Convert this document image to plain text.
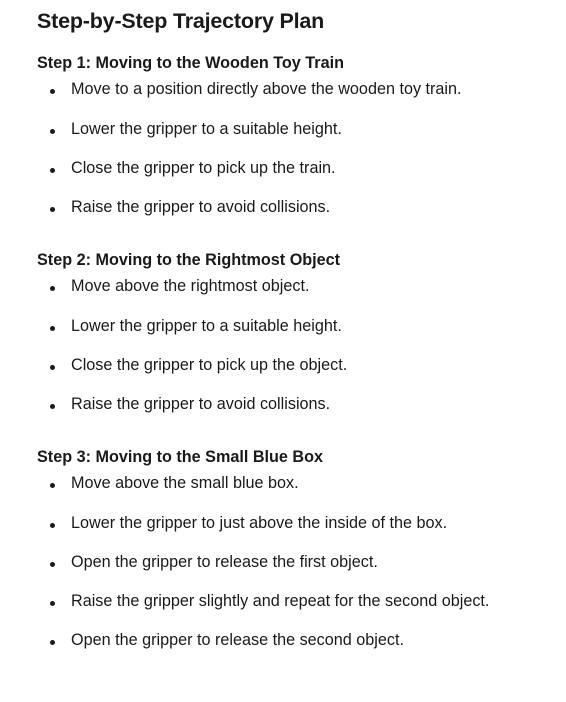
Step-by-Step Trajectory Plan
Step 1: Moving to the Wooden Toy Train
Move to a position directly above the wooden toy train.
Lower the gripper to a suitable height.
Close the gripper to pick up the train.
Raise the gripper to avoid collisions.
Step 2: Moving to the Rightmost Object
Move above the rightmost object.
Lower the gripper to a suitable height.
Close the gripper to pick up the object.
Raise the gripper to avoid collisions.
Step 3: Moving to the Small Blue Box
Move above the small blue box.
Lower the gripper to just above the inside of the box.
Open the gripper to release the first object.
Raise the gripper slightly and repeat for the second object.
Open the gripper to release the second object.
